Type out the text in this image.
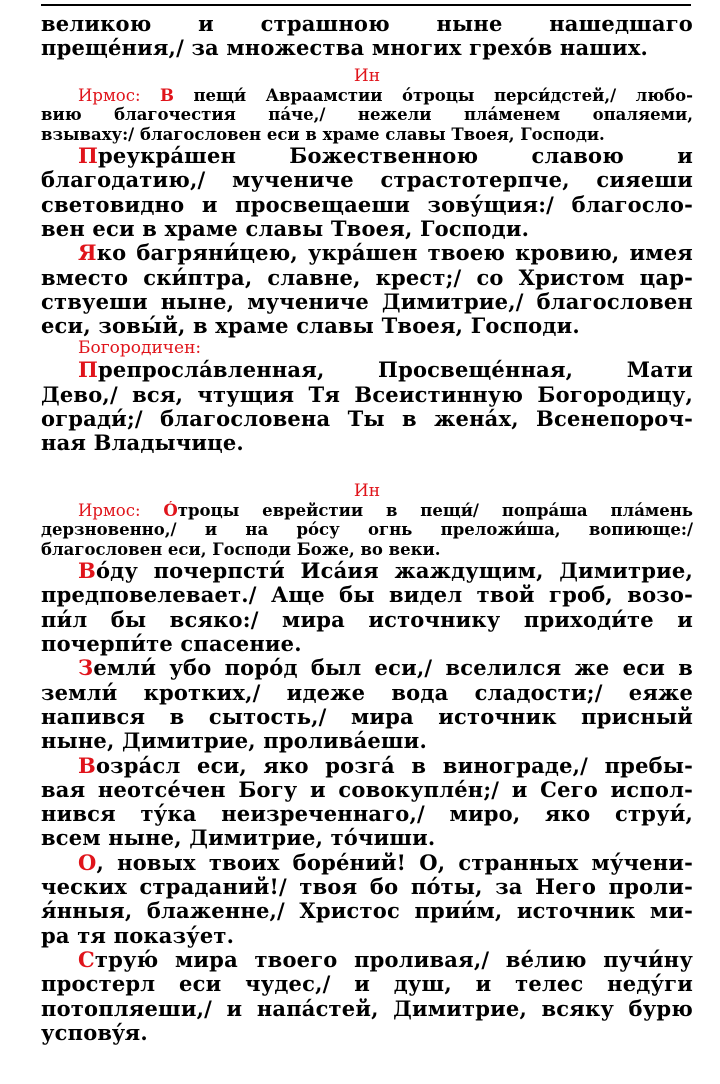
великою и страшною ныне нашедшаго
прещéния,/ за множества многих грехóв наших.
Ин
Ирмос: В пещи́ Авраамстии óтроцы перси́дстей,/ любо-
вию благочестия пáче,/ нежели плáменем опаляеми,
взываху:/ благословен еси в храме славы Твоея, Господи.
Преукрáшен Божественною славою и
благодатию,/ мучениче страстотерпче, сияеши
световидно и просвещаеши зову́щия:/ благосло-
вен еси в храме славы Твоея, Господи.
Яко багряни́цею, укрáшен твоею кровию, имея
вместо ски́птра, славне, крест;/ со Христом цар-
ствуеши ныне, мучениче Димитрие,/ благословен
еси, зовы́й, в храме славы Твоея, Господи.
Богородичен:
Препрослáвленная, Просвещéнная, Мати
Дево,/ вся, чтущия Тя Всеистинную Богородицу,
огради́;/ благословена Ты в женáх, Всенепороч-
ная Владычице.
Ин
Ирмос: О́троцы еврейстии в пещи́/ попрáша плáмень
дерзновенно,/ и на рóсу огнь преложи́ша, вопиюще:/
благословен еси, Господи Боже, во веки.
Вóду почерпсти́ Исáия жаждущим, Димитрие,
предповелевает./ Аще бы видел твой гроб, возо-
пи́л бы всяко:/ мира источнику приходи́те и
почерпи́те спасение.
Земли́ убо порóд был еси,/ вселился же еси в
земли́ кротких,/ идеже вода сладости;/ еяже
напився в сытость,/ мира источник присный
ныне, Димитрие, проливáеши.
Возрáсл еси, яко розгá в винограде,/ пребы-
вая неотсéчен Богу и совокуплéн;/ и Сего испол-
нився ту́ка неизреченнаго,/ миро, яко струи́,
всем ныне, Димитрие, тóчиши.
О, новых твоих борéний! О, странных му́чени-
ческих страданий!/ твоя бо пóты, за Него проли-
я́нныя, блаженне,/ Христос прии́м, источник ми-
ра тя показу́ет.
Струю́ мира твоего проливая,/ вéлию пучи́ну
простерл еси чудес,/ и душ, и телес неду́ги
потопляеши,/ и напáстей, Димитрие, всяку бурю
усповýя.
